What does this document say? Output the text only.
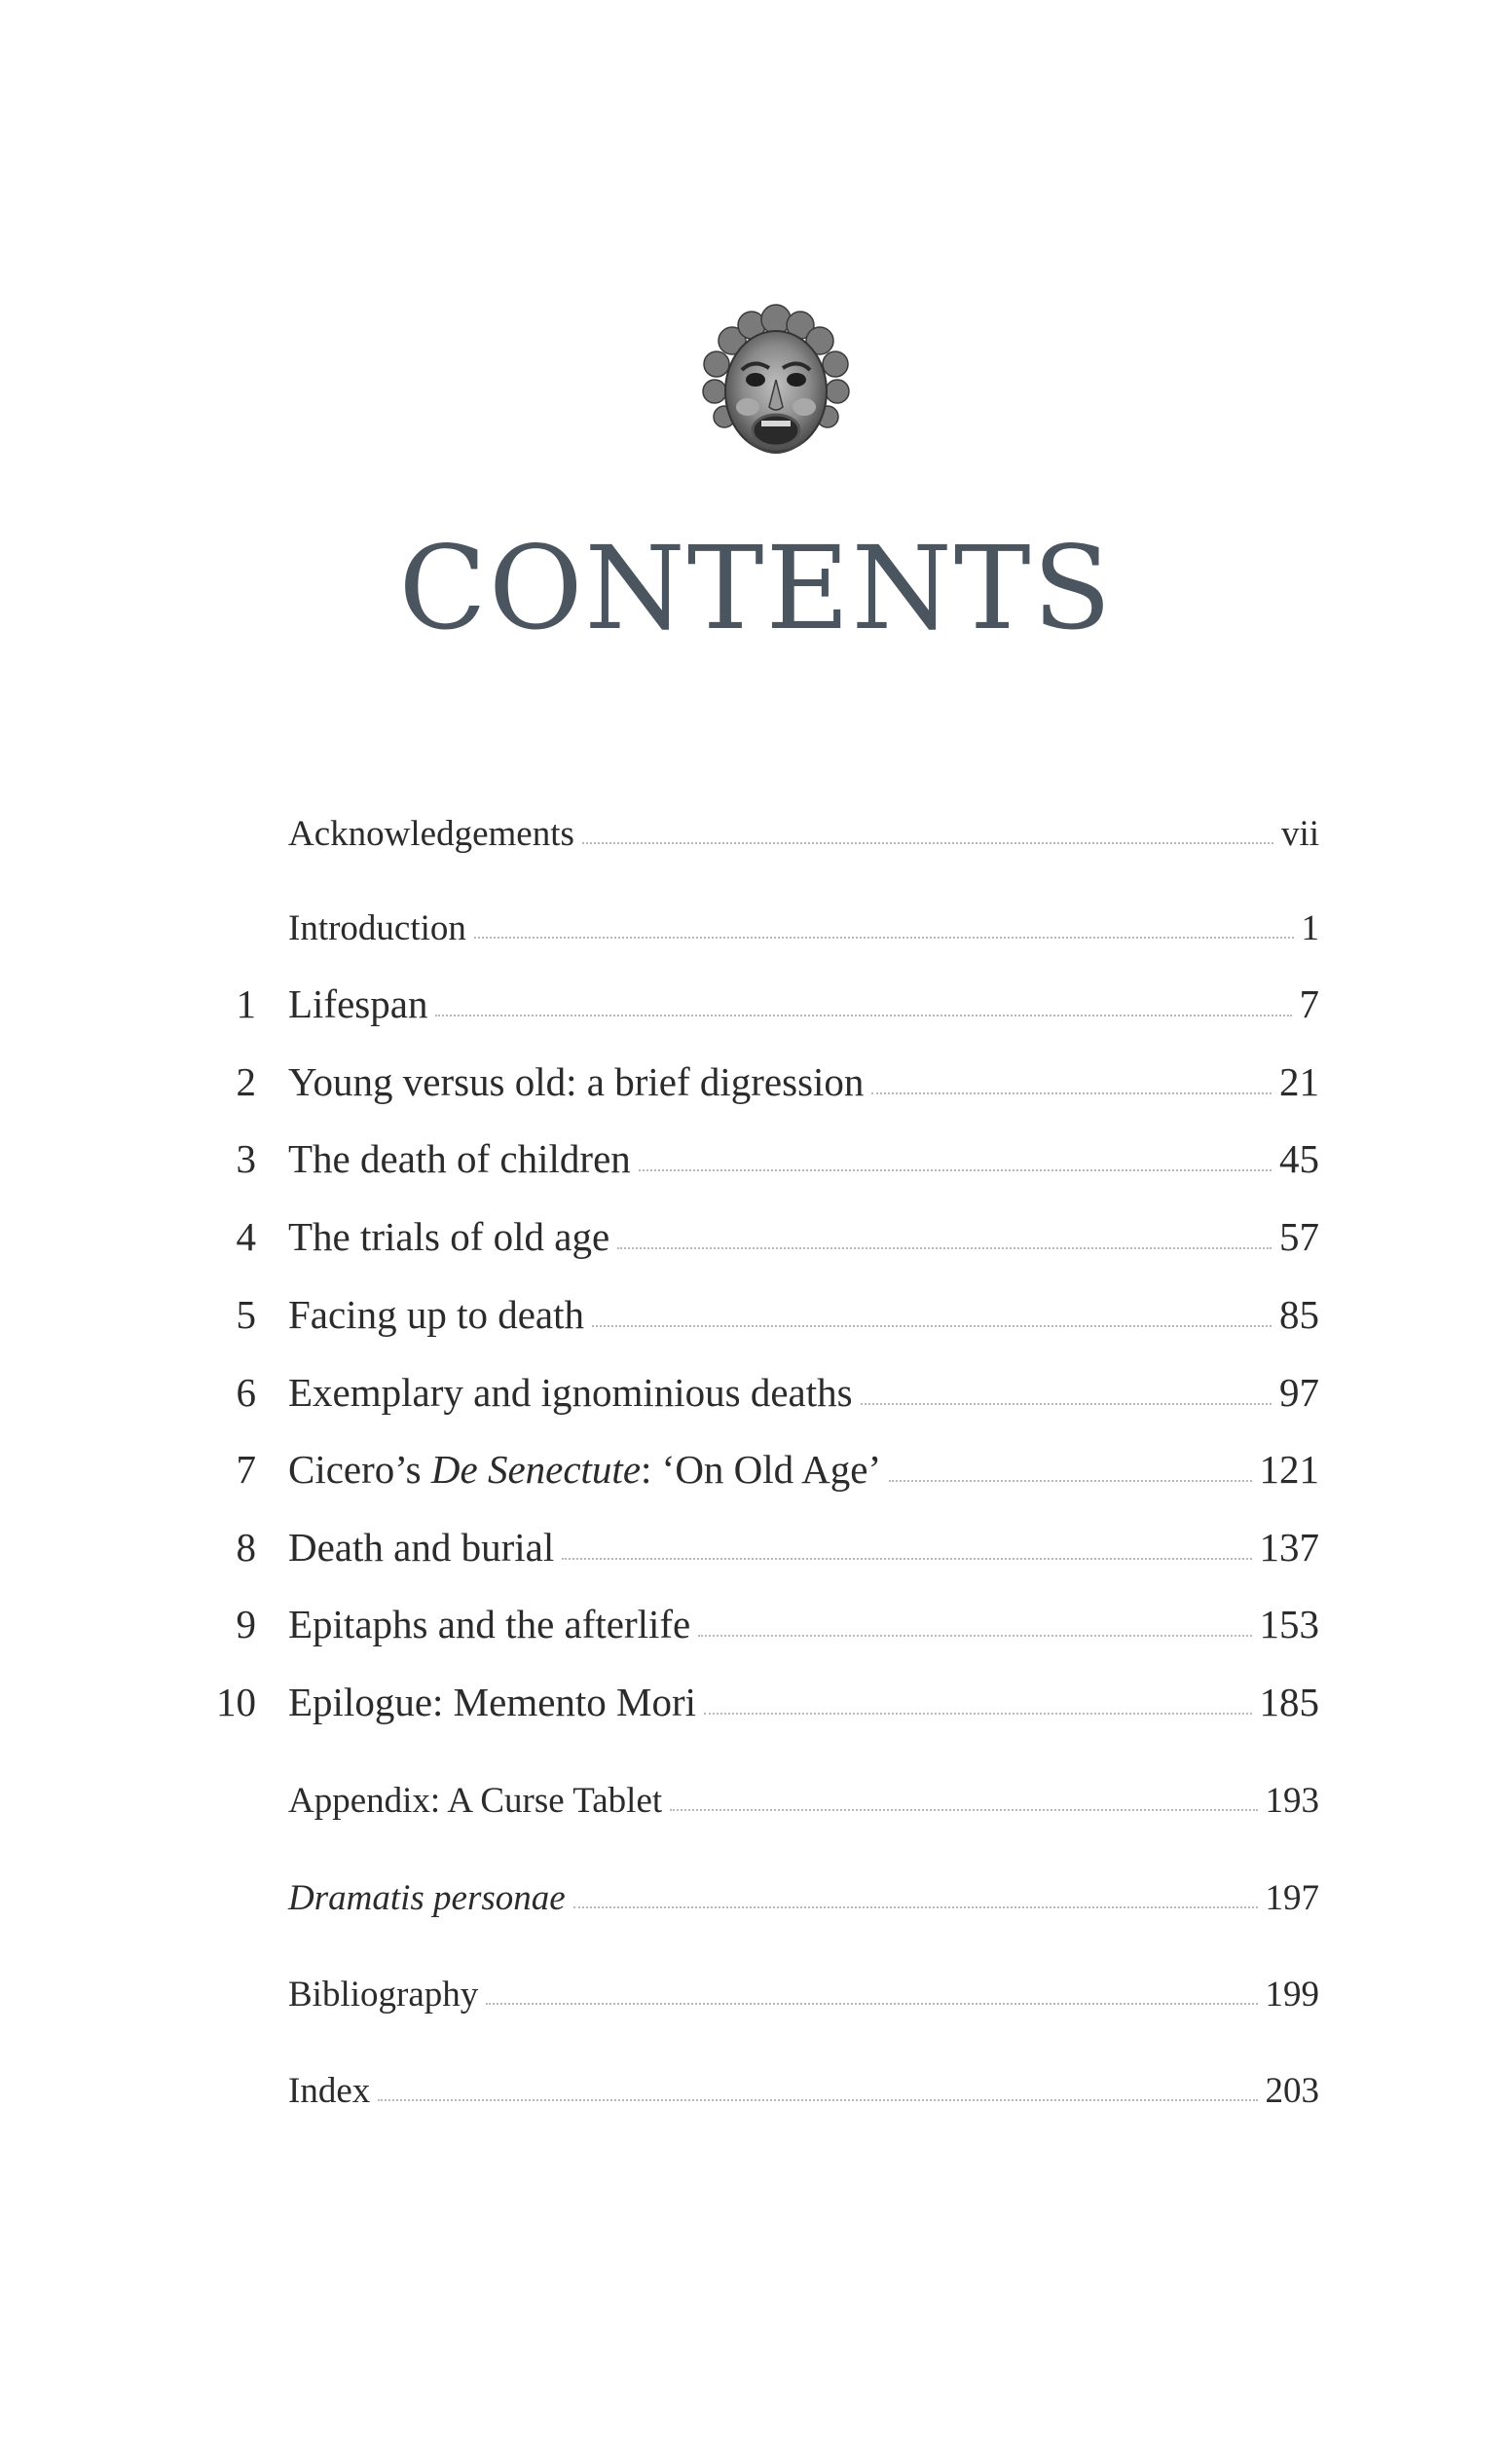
CONTENTS
Acknowledgements	vii
Introduction	1
1 Lifespan	7
2 Young versus old: a brief digression	21
3 The death of children	45
4 The trials of old age	57
5 Facing up to death	85
6 Exemplary and ignominious deaths	97
7 Cicero’s De Senectute: ‘On Old Age’	121
8 Death and burial	137
9 Epitaphs and the afterlife	153
10 Epilogue: Memento Mori	185
Appendix: A Curse Tablet	193
Dramatis personae	197
Bibliography	199
Index	203
